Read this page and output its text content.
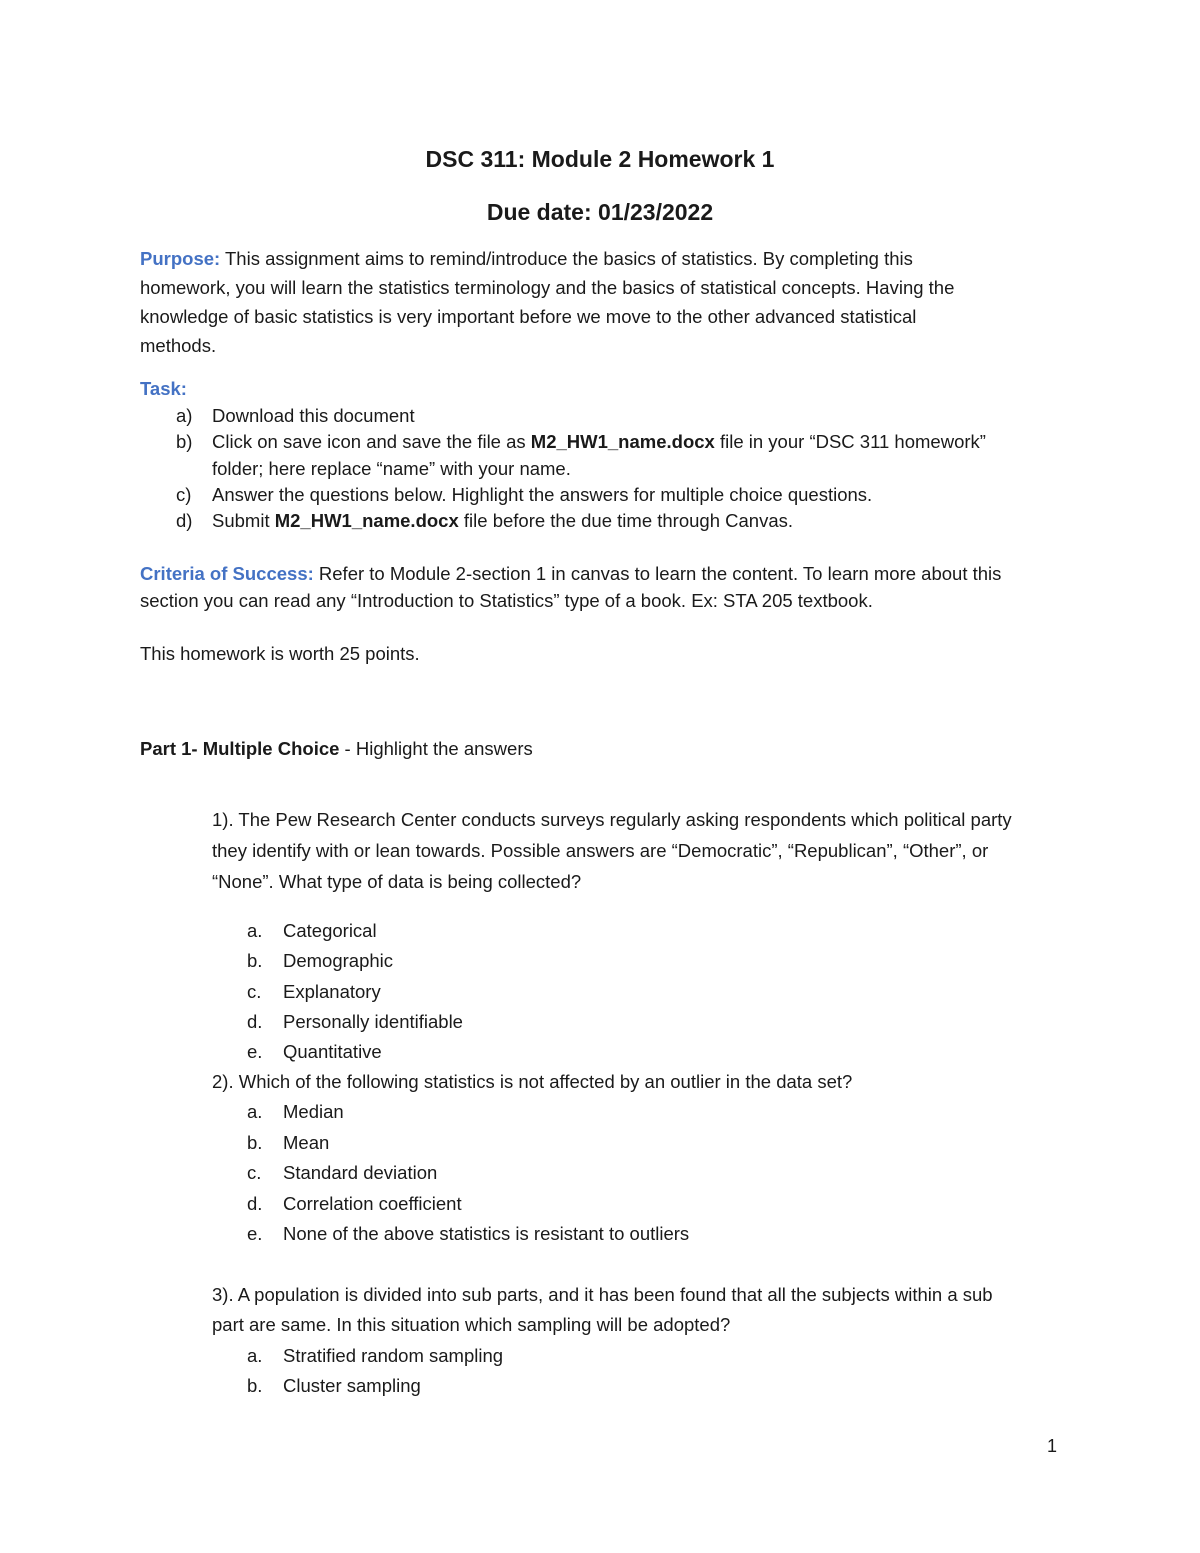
DSC 311: Module 2 Homework 1
Due date: 01/23/2022
Purpose: This assignment aims to remind/introduce the basics of statistics. By completing this
homework, you will learn the statistics terminology and the basics of statistical concepts. Having the
knowledge of basic statistics is very important before we move to the other advanced statistical
methods.
Task:
a) Download this document
b) Click on save icon and save the file as M2_HW1_name.docx file in your “DSC 311 homework”
folder; here replace “name” with your name.
c) Answer the questions below. Highlight the answers for multiple choice questions.
d) Submit M2_HW1_name.docx file before the due time through Canvas.
Criteria of Success: Refer to Module 2-section 1 in canvas to learn the content. To learn more about this
section you can read any “Introduction to Statistics” type of a book. Ex: STA 205 textbook.
This homework is worth 25 points.
Part 1- Multiple Choice - Highlight the answers
1). The Pew Research Center conducts surveys regularly asking respondents which political party
they identify with or lean towards. Possible answers are “Democratic”, “Republican”, “Other”, or
“None”. What type of data is being collected?
a. Categorical
b. Demographic
c. Explanatory
d. Personally identifiable
e. Quantitative
2). Which of the following statistics is not affected by an outlier in the data set?
a. Median
b. Mean
c. Standard deviation
d. Correlation coefficient
e. None of the above statistics is resistant to outliers
3). A population is divided into sub parts, and it has been found that all the subjects within a sub
part are same. In this situation which sampling will be adopted?
a. Stratified random sampling
b. Cluster sampling
1
